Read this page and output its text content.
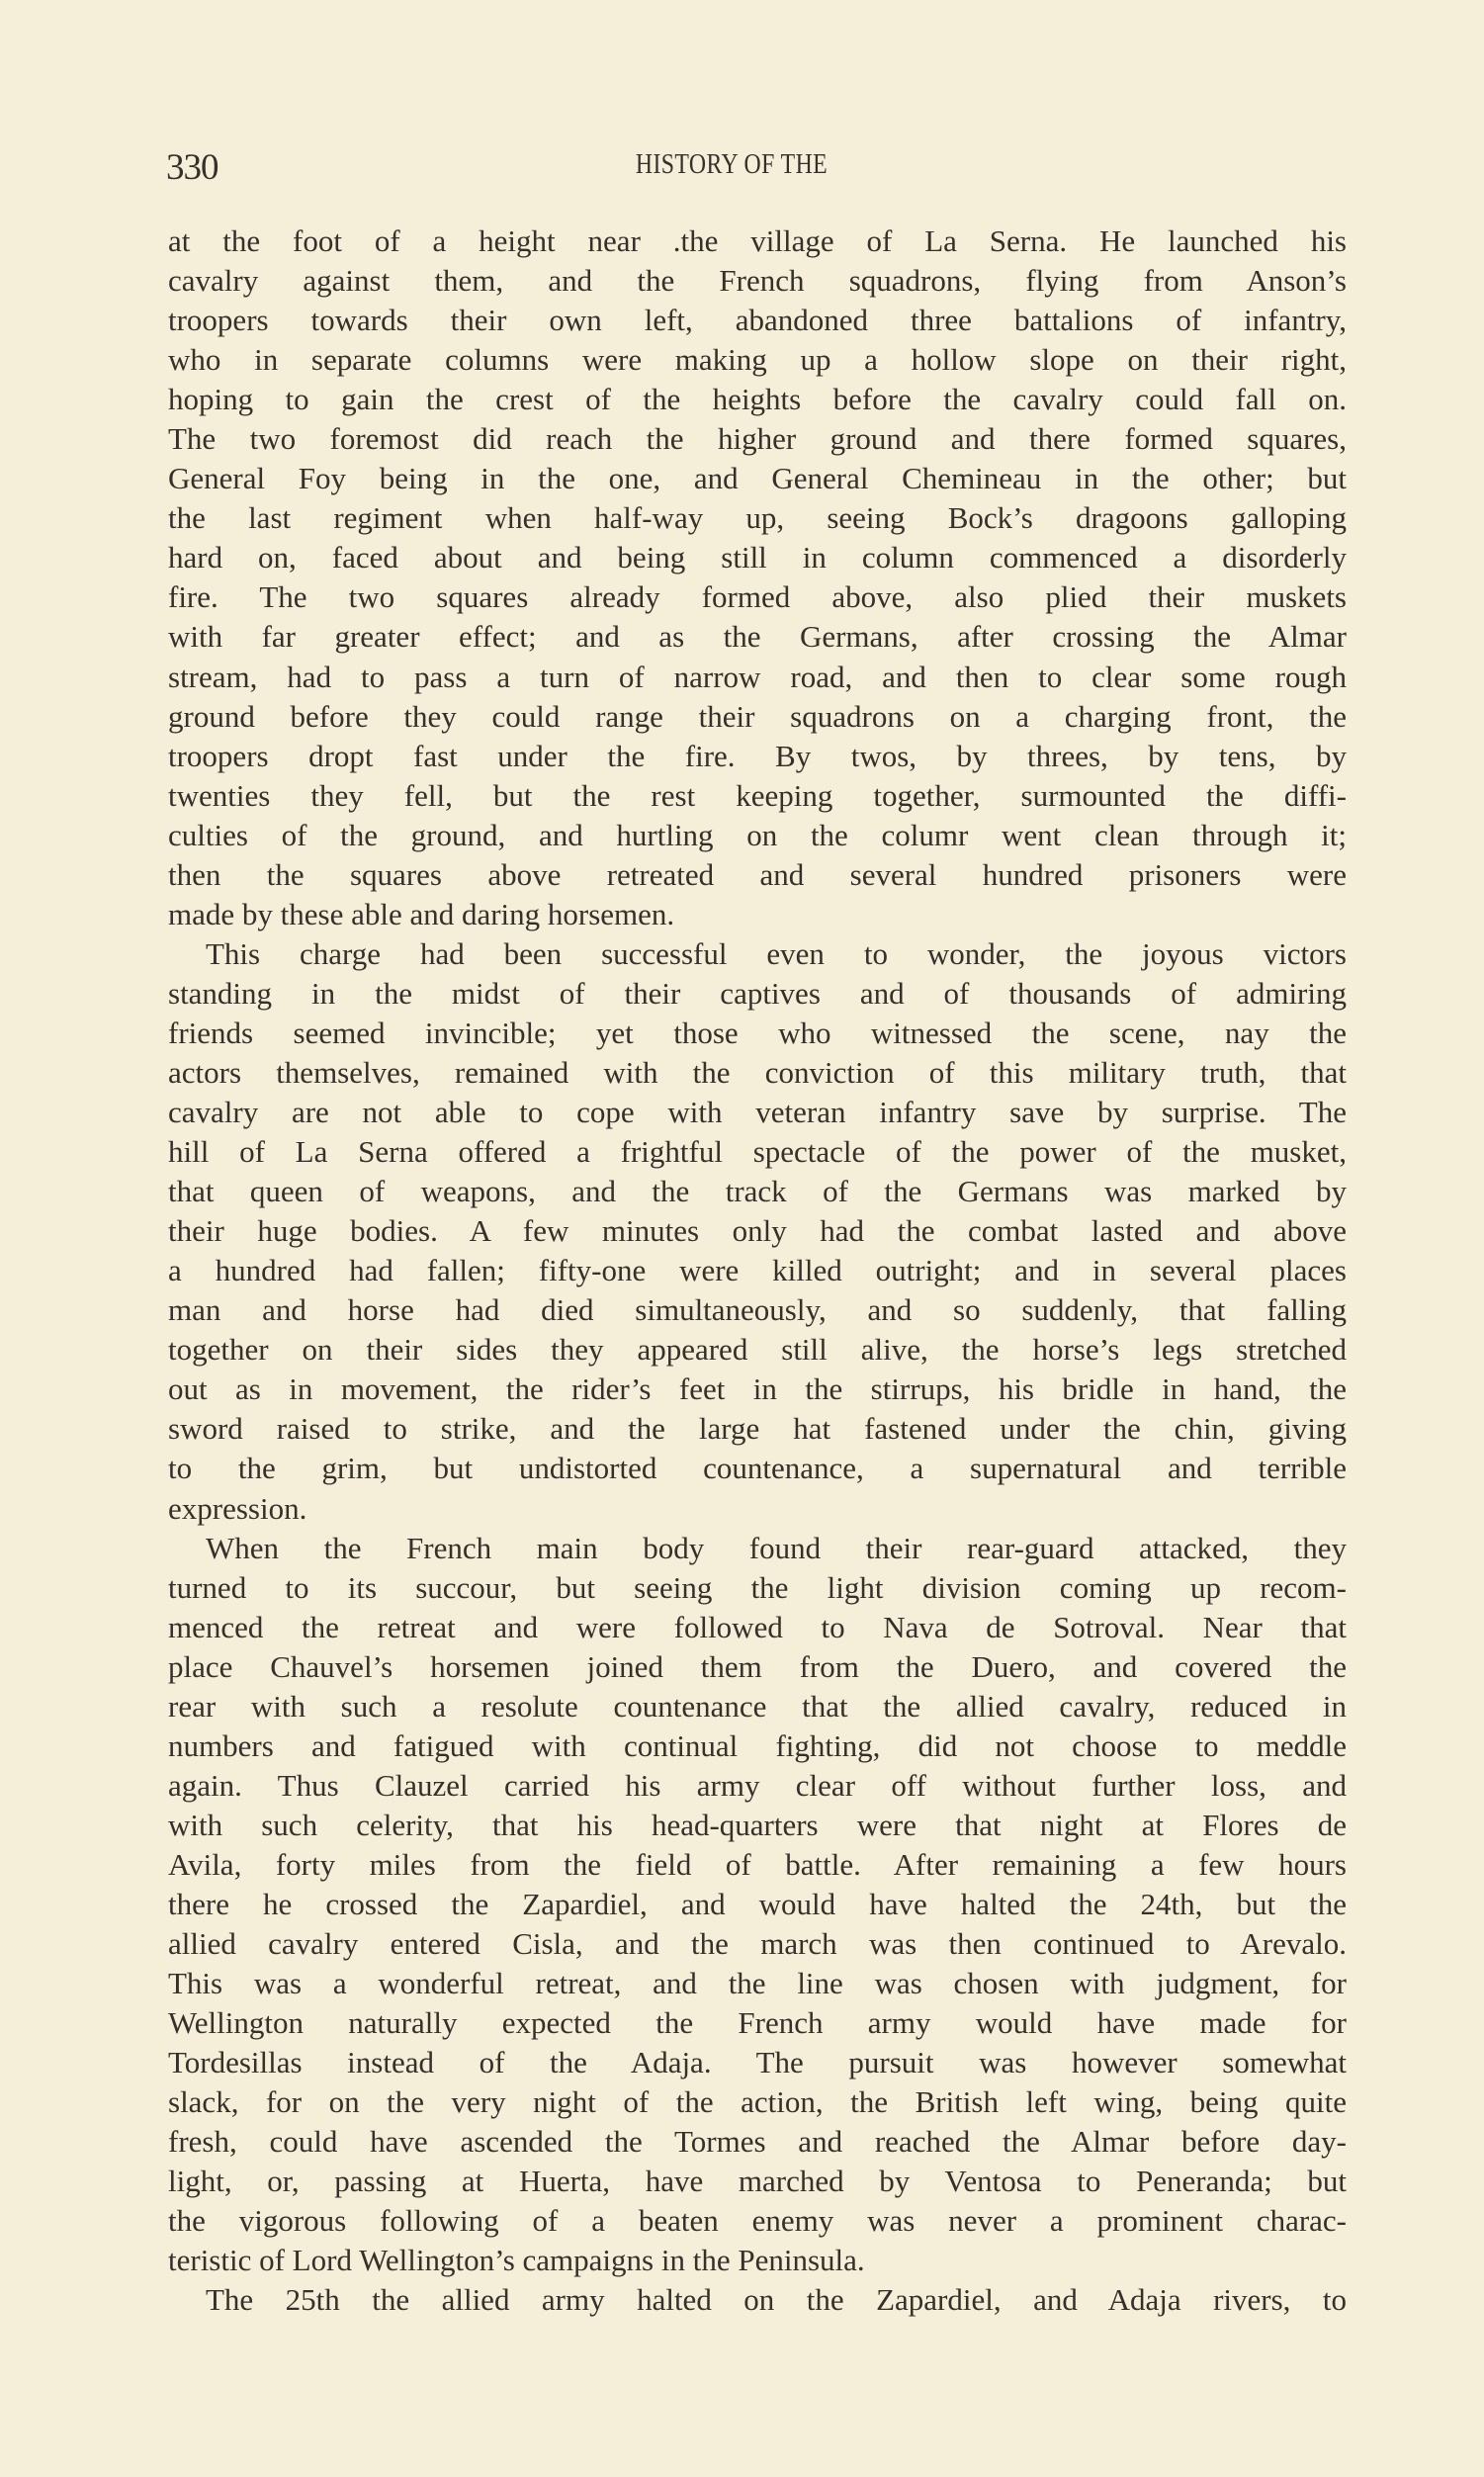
330	HISTORY OF THE
at the foot of a height near .the village of La Serna. He launched his
cavalry against them, and the French squadrons, flying from Anson’s
troopers towards their own left, abandoned three battalions of infantry,
who in separate columns were making up a hollow slope on their right,
hoping to gain the crest of the heights before the cavalry could fall on.
The two foremost did reach the higher ground and there formed squares,
General Foy being in the one, and General Chemineau in the other; but
the last regiment when half-way up, seeing Bock’s dragoons galloping
hard on, faced about and being still in column commenced a disorderly
fire. The two squares already formed above, also plied their muskets
with far greater effect; and as the Germans, after crossing the Almar
stream, had to pass a turn of narrow road, and then to clear some rough
ground before they could range their squadrons on a charging front, the
troopers dropt fast under the fire. By twos, by threes, by tens, by
twenties they fell, but the rest keeping together, surmounted the diffi-
culties of the ground, and hurtling on the columr went clean through it;
then the squares above retreated and several hundred prisoners were
made by these able and daring horsemen.
This charge had been successful even to wonder, the joyous victors
standing in the midst of their captives and of thousands of admiring
friends seemed invincible; yet those who witnessed the scene, nay the
actors themselves, remained with the conviction of this military truth, that
cavalry are not able to cope with veteran infantry save by surprise. The
hill of La Serna offered a frightful spectacle of the power of the musket,
that queen of weapons, and the track of the Germans was marked by
their huge bodies. A few minutes only had the combat lasted and above
a hundred had fallen; fifty-one were killed outright; and in several places
man and horse had died simultaneously, and so suddenly, that falling
together on their sides they appeared still alive, the horse’s legs stretched
out as in movement, the rider’s feet in the stirrups, his bridle in hand, the
sword raised to strike, and the large hat fastened under the chin, giving
to the grim, but undistorted countenance, a supernatural and terrible
expression.
When the French main body found their rear-guard attacked, they
turned to its succour, but seeing the light division coming up recom-
menced the retreat and were followed to Nava de Sotroval. Near that
place Chauvel’s horsemen joined them from the Duero, and covered the
rear with such a resolute countenance that the allied cavalry, reduced in
numbers and fatigued with continual fighting, did not choose to meddle
again. Thus Clauzel carried his army clear off without further loss, and
with such celerity, that his head-quarters were that night at Flores de
Avila, forty miles from the field of battle. After remaining a few hours
there he crossed the Zapardiel, and would have halted the 24th, but the
allied cavalry entered Cisla, and the march was then continued to Arevalo.
This was a wonderful retreat, and the line was chosen with judgment, for
Wellington naturally expected the French army would have made for
Tordesillas instead of the Adaja. The pursuit was however somewhat
slack, for on the very night of the action, the British left wing, being quite
fresh, could have ascended the Tormes and reached the Almar before day-
light, or, passing at Huerta, have marched by Ventosa to Peneranda; but
the vigorous following of a beaten enemy was never a prominent charac-
teristic of Lord Wellington’s campaigns in the Peninsula.
The 25th the allied army halted on the Zapardiel, and Adaja rivers, to
